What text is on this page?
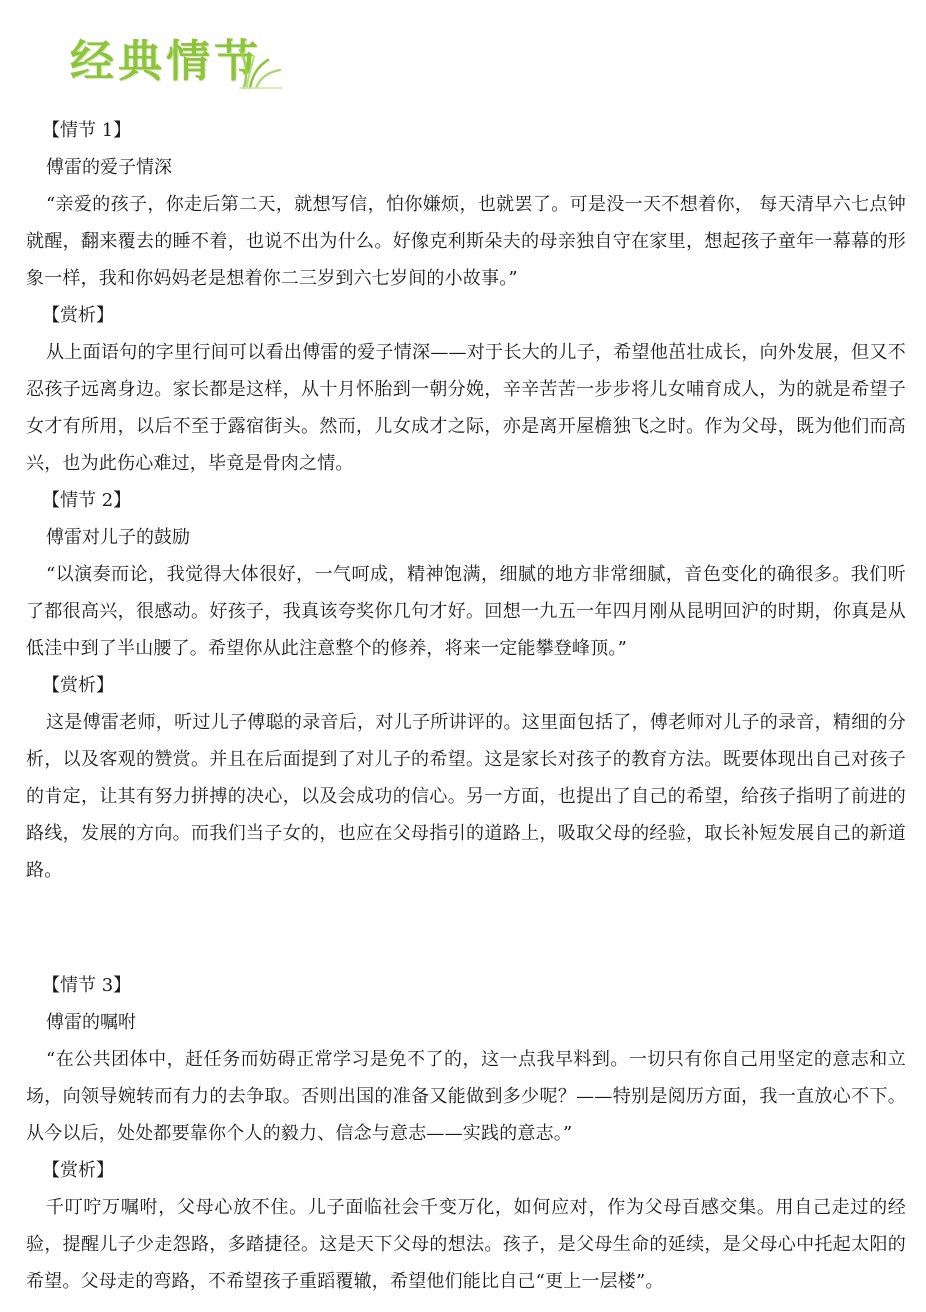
经典情节

【情节 1】

傅雷的爱子情深

“亲爱的孩子，你走后第二天，就想写信，怕你嫌烦，也就罢了。可是没一天不想着你， 每天清早六七点钟就醒，翻来覆去的睡不着，也说不出为什么。好像克利斯朵夫的母亲独自守在家里，想起孩子童年一幕幕的形象一样，我和你妈妈老是想着你二三岁到六七岁间的小故事。”

【赏析】

从上面语句的字里行间可以看出傅雷的爱子情深——对于长大的儿子，希望他茁壮成长，向外发展，但又不忍孩子远离身边。家长都是这样，从十月怀胎到一朝分娩，辛辛苦苦一步步将儿女哺育成人，为的就是希望子女才有所用，以后不至于露宿街头。然而，儿女成才之际，亦是离开屋檐独飞之时。作为父母，既为他们而高兴，也为此伤心难过，毕竟是骨肉之情。

【情节 2】

傅雷对儿子的鼓励

“以演奏而论，我觉得大体很好，一气呵成，精神饱满，细腻的地方非常细腻，音色变化的确很多。我们听了都很高兴，很感动。好孩子，我真该夸奖你几句才好。回想一九五一年四月刚从昆明回沪的时期，你真是从低洼中到了半山腰了。希望你从此注意整个的修养，将来一定能攀登峰顶。”

【赏析】

这是傅雷老师，听过儿子傅聪的录音后，对儿子所讲评的。这里面包括了，傅老师对儿子的录音，精细的分析，以及客观的赞赏。并且在后面提到了对儿子的希望。这是家长对孩子的教育方法。既要体现出自己对孩子的肯定，让其有努力拼搏的决心，以及会成功的信心。另一方面，也提出了自己的希望，给孩子指明了前进的路线，发展的方向。而我们当子女的，也应在父母指引的道路上，吸取父母的经验，取长补短发展自己的新道路。

【情节 3】

傅雷的嘱咐

“在公共团体中，赶任务而妨碍正常学习是免不了的，这一点我早料到。一切只有你自己用坚定的意志和立场，向领导婉转而有力的去争取。否则出国的准备又能做到多少呢？——特别是阅历方面，我一直放心不下。从今以后，处处都要靠你个人的毅力、信念与意志——实践的意志。”

【赏析】

千叮咛万嘱咐，父母心放不住。儿子面临社会千变万化，如何应对，作为父母百感交集。用自己走过的经验，提醒儿子少走怨路，多踏捷径。这是天下父母的想法。孩子，是父母生命的延续，是父母心中托起太阳的希望。父母走的弯路，不希望孩子重蹈覆辙，希望他们能比自己“更上一层楼”。
